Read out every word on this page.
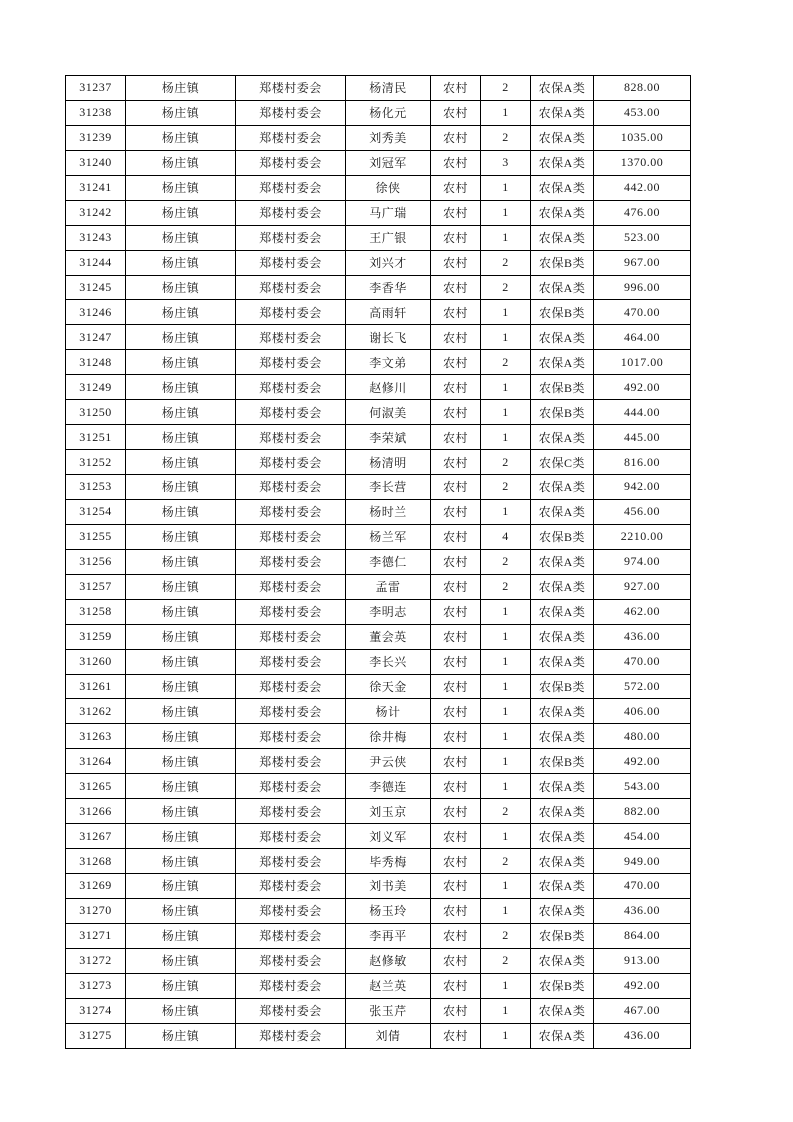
31237	杨庄镇	郑楼村委会	杨清民	农村	2	农保A类	828.00
31238	杨庄镇	郑楼村委会	杨化元	农村	1	农保A类	453.00
31239	杨庄镇	郑楼村委会	刘秀美	农村	2	农保A类	1035.00
31240	杨庄镇	郑楼村委会	刘冠军	农村	3	农保A类	1370.00
31241	杨庄镇	郑楼村委会	徐侠	农村	1	农保A类	442.00
31242	杨庄镇	郑楼村委会	马广瑞	农村	1	农保A类	476.00
31243	杨庄镇	郑楼村委会	王广银	农村	1	农保A类	523.00
31244	杨庄镇	郑楼村委会	刘兴才	农村	2	农保B类	967.00
31245	杨庄镇	郑楼村委会	李香华	农村	2	农保A类	996.00
31246	杨庄镇	郑楼村委会	高雨轩	农村	1	农保B类	470.00
31247	杨庄镇	郑楼村委会	谢长飞	农村	1	农保A类	464.00
31248	杨庄镇	郑楼村委会	李文弟	农村	2	农保A类	1017.00
31249	杨庄镇	郑楼村委会	赵修川	农村	1	农保B类	492.00
31250	杨庄镇	郑楼村委会	何淑美	农村	1	农保B类	444.00
31251	杨庄镇	郑楼村委会	李荣斌	农村	1	农保A类	445.00
31252	杨庄镇	郑楼村委会	杨清明	农村	2	农保C类	816.00
31253	杨庄镇	郑楼村委会	李长营	农村	2	农保A类	942.00
31254	杨庄镇	郑楼村委会	杨时兰	农村	1	农保A类	456.00
31255	杨庄镇	郑楼村委会	杨兰军	农村	4	农保B类	2210.00
31256	杨庄镇	郑楼村委会	李德仁	农村	2	农保A类	974.00
31257	杨庄镇	郑楼村委会	孟雷	农村	2	农保A类	927.00
31258	杨庄镇	郑楼村委会	李明志	农村	1	农保A类	462.00
31259	杨庄镇	郑楼村委会	董会英	农村	1	农保A类	436.00
31260	杨庄镇	郑楼村委会	李长兴	农村	1	农保A类	470.00
31261	杨庄镇	郑楼村委会	徐天金	农村	1	农保B类	572.00
31262	杨庄镇	郑楼村委会	杨计	农村	1	农保A类	406.00
31263	杨庄镇	郑楼村委会	徐井梅	农村	1	农保A类	480.00
31264	杨庄镇	郑楼村委会	尹云侠	农村	1	农保B类	492.00
31265	杨庄镇	郑楼村委会	李德连	农村	1	农保A类	543.00
31266	杨庄镇	郑楼村委会	刘玉京	农村	2	农保A类	882.00
31267	杨庄镇	郑楼村委会	刘义军	农村	1	农保A类	454.00
31268	杨庄镇	郑楼村委会	毕秀梅	农村	2	农保A类	949.00
31269	杨庄镇	郑楼村委会	刘书美	农村	1	农保A类	470.00
31270	杨庄镇	郑楼村委会	杨玉玲	农村	1	农保A类	436.00
31271	杨庄镇	郑楼村委会	李再平	农村	2	农保B类	864.00
31272	杨庄镇	郑楼村委会	赵修敏	农村	2	农保A类	913.00
31273	杨庄镇	郑楼村委会	赵兰英	农村	1	农保B类	492.00
31274	杨庄镇	郑楼村委会	张玉芹	农村	1	农保A类	467.00
31275	杨庄镇	郑楼村委会	刘倩	农村	1	农保A类	436.00
